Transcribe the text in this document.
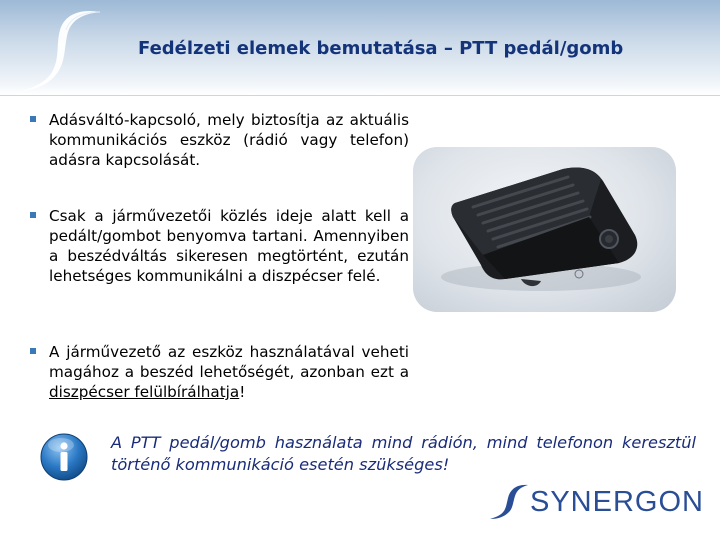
Fedélzeti elemek bemutatása – PTT pedál/gomb
Adásváltó-kapcsoló, mely biztosítja az aktuális kommunikációs eszköz (rádió vagy telefon) adásra kapcsolását.
Csak a járművezetői közlés ideje alatt kell a pedált/gombot benyomva tartani. Amennyiben a beszédváltás sikeresen megtörtént, ezután lehetséges kommunikálni a diszpécser felé.
A járművezető az eszköz használatával veheti magához a beszéd lehetőségét, azonban ezt a diszpécser felülbírálhatja!
A PTT pedál/gomb használata mind rádión, mind telefonon keresztül történő kommunikáció esetén szükséges!
SYNERGON
